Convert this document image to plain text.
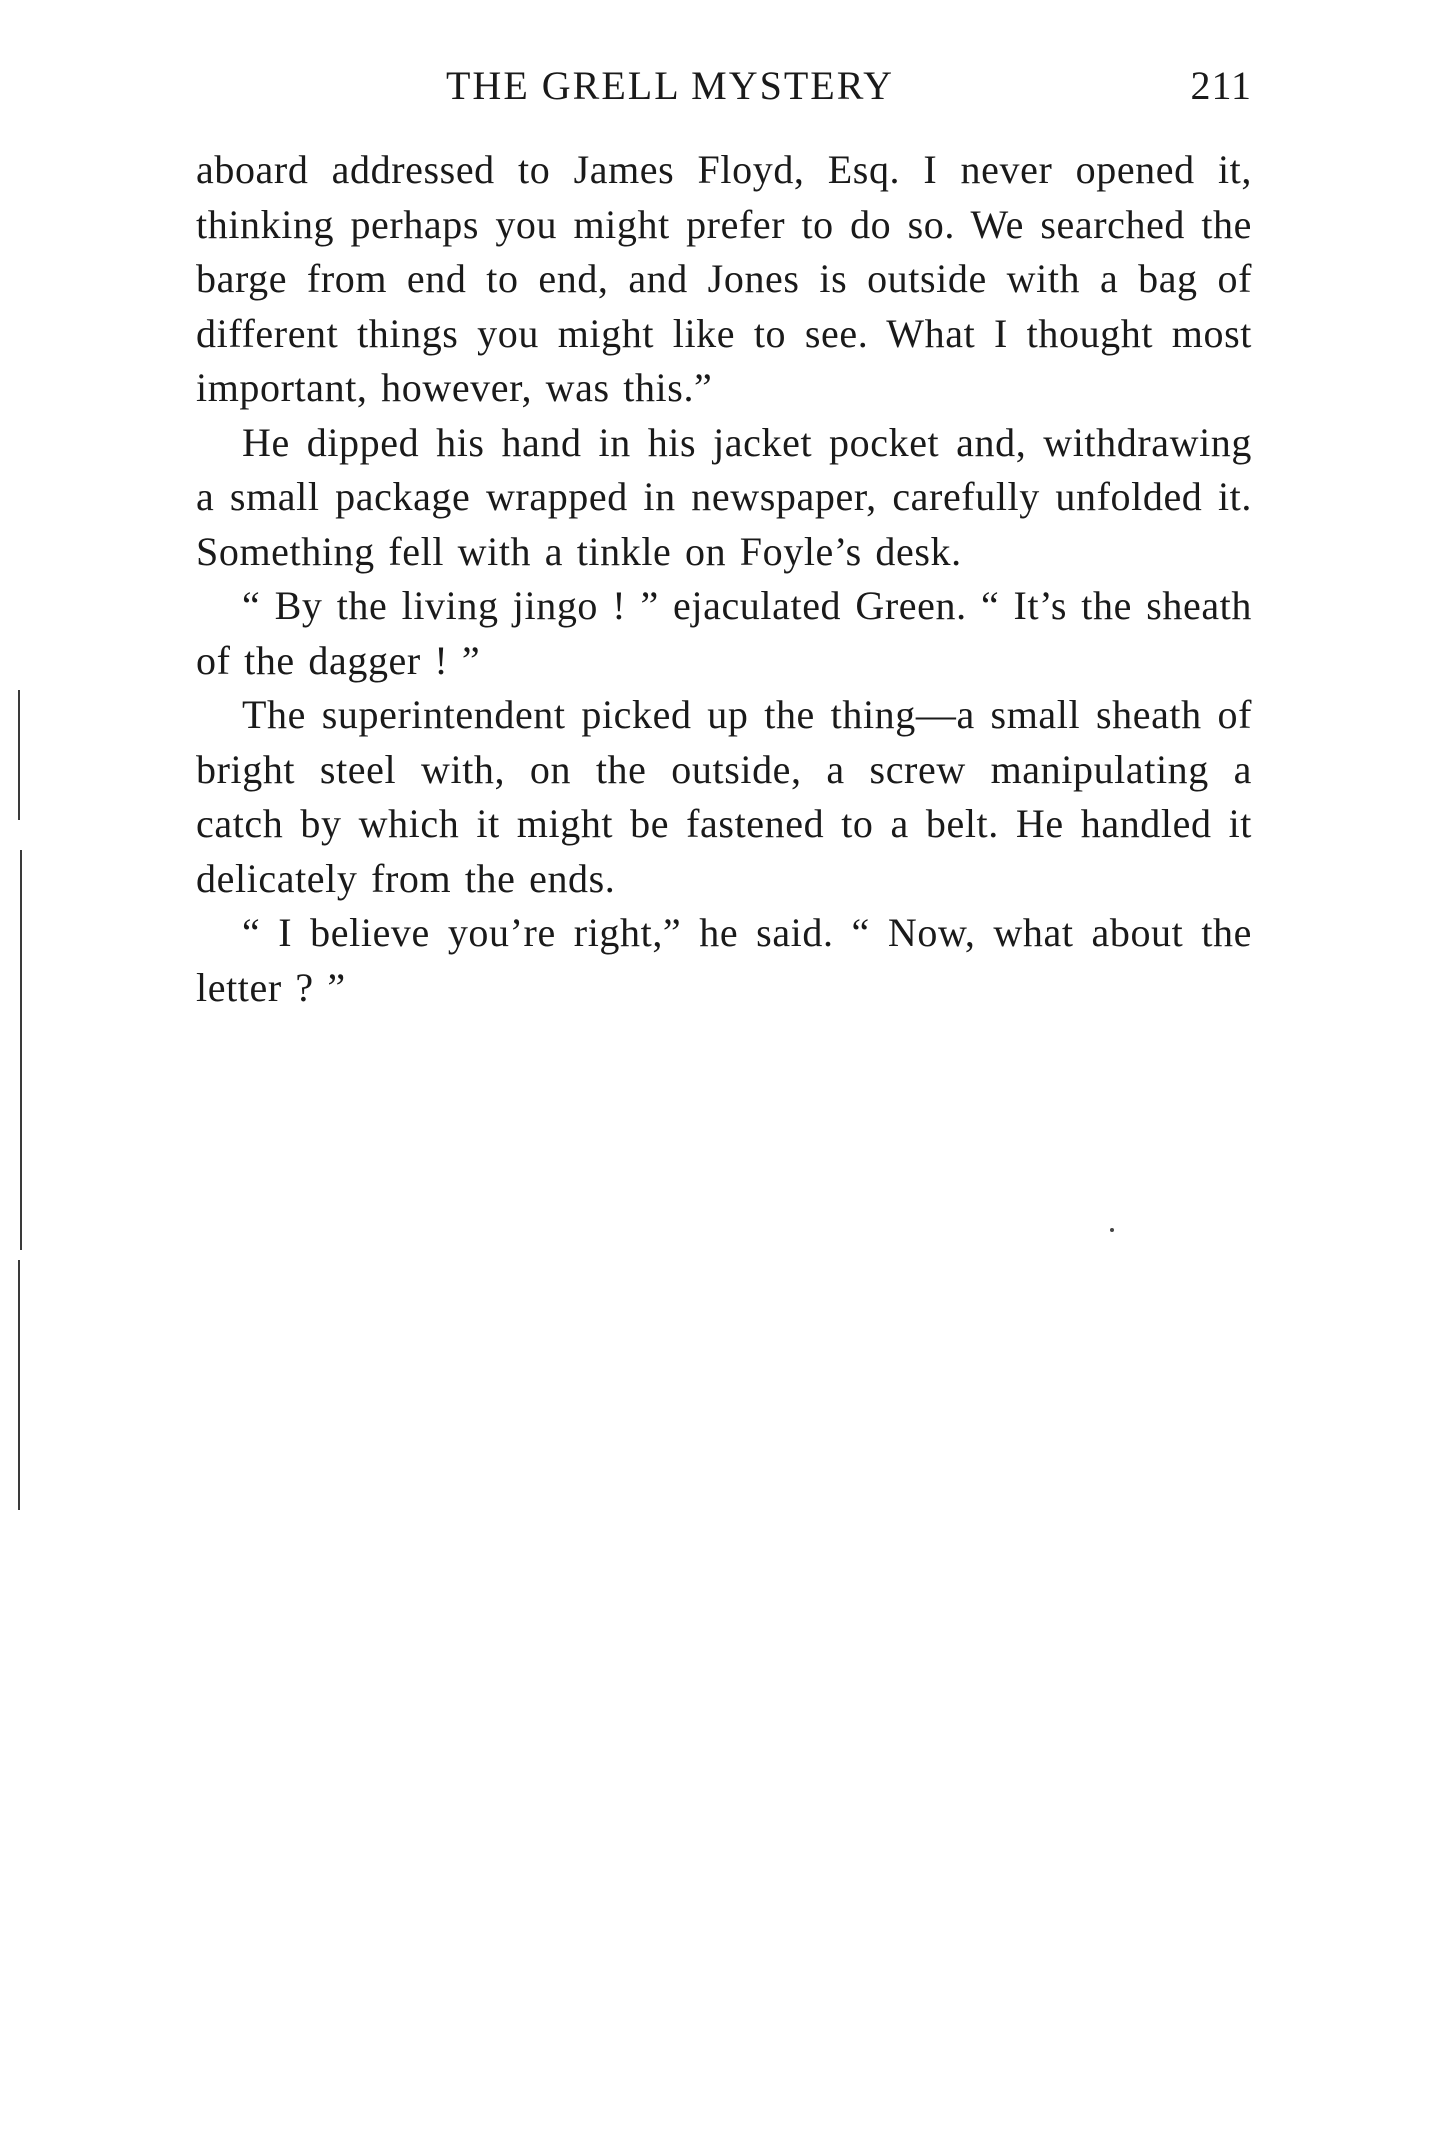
THE GRELL MYSTERY	211

aboard addressed to James Floyd, Esq. I never opened it, thinking perhaps you might prefer to do so. We searched the barge from end to end, and Jones is outside with a bag of different things you might like to see. What I thought most important, however, was this.”

He dipped his hand in his jacket pocket and, withdrawing a small package wrapped in newspaper, carefully unfolded it. Something fell with a tinkle on Foyle’s desk.

“ By the living jingo ! ” ejaculated Green. “ It’s the sheath of the dagger ! ”

The superintendent picked up the thing—a small sheath of bright steel with, on the outside, a screw manipulating a catch by which it might be fastened to a belt. He handled it delicately from the ends.

“ I believe you’re right,” he said. “ Now, what about the letter ? ”
